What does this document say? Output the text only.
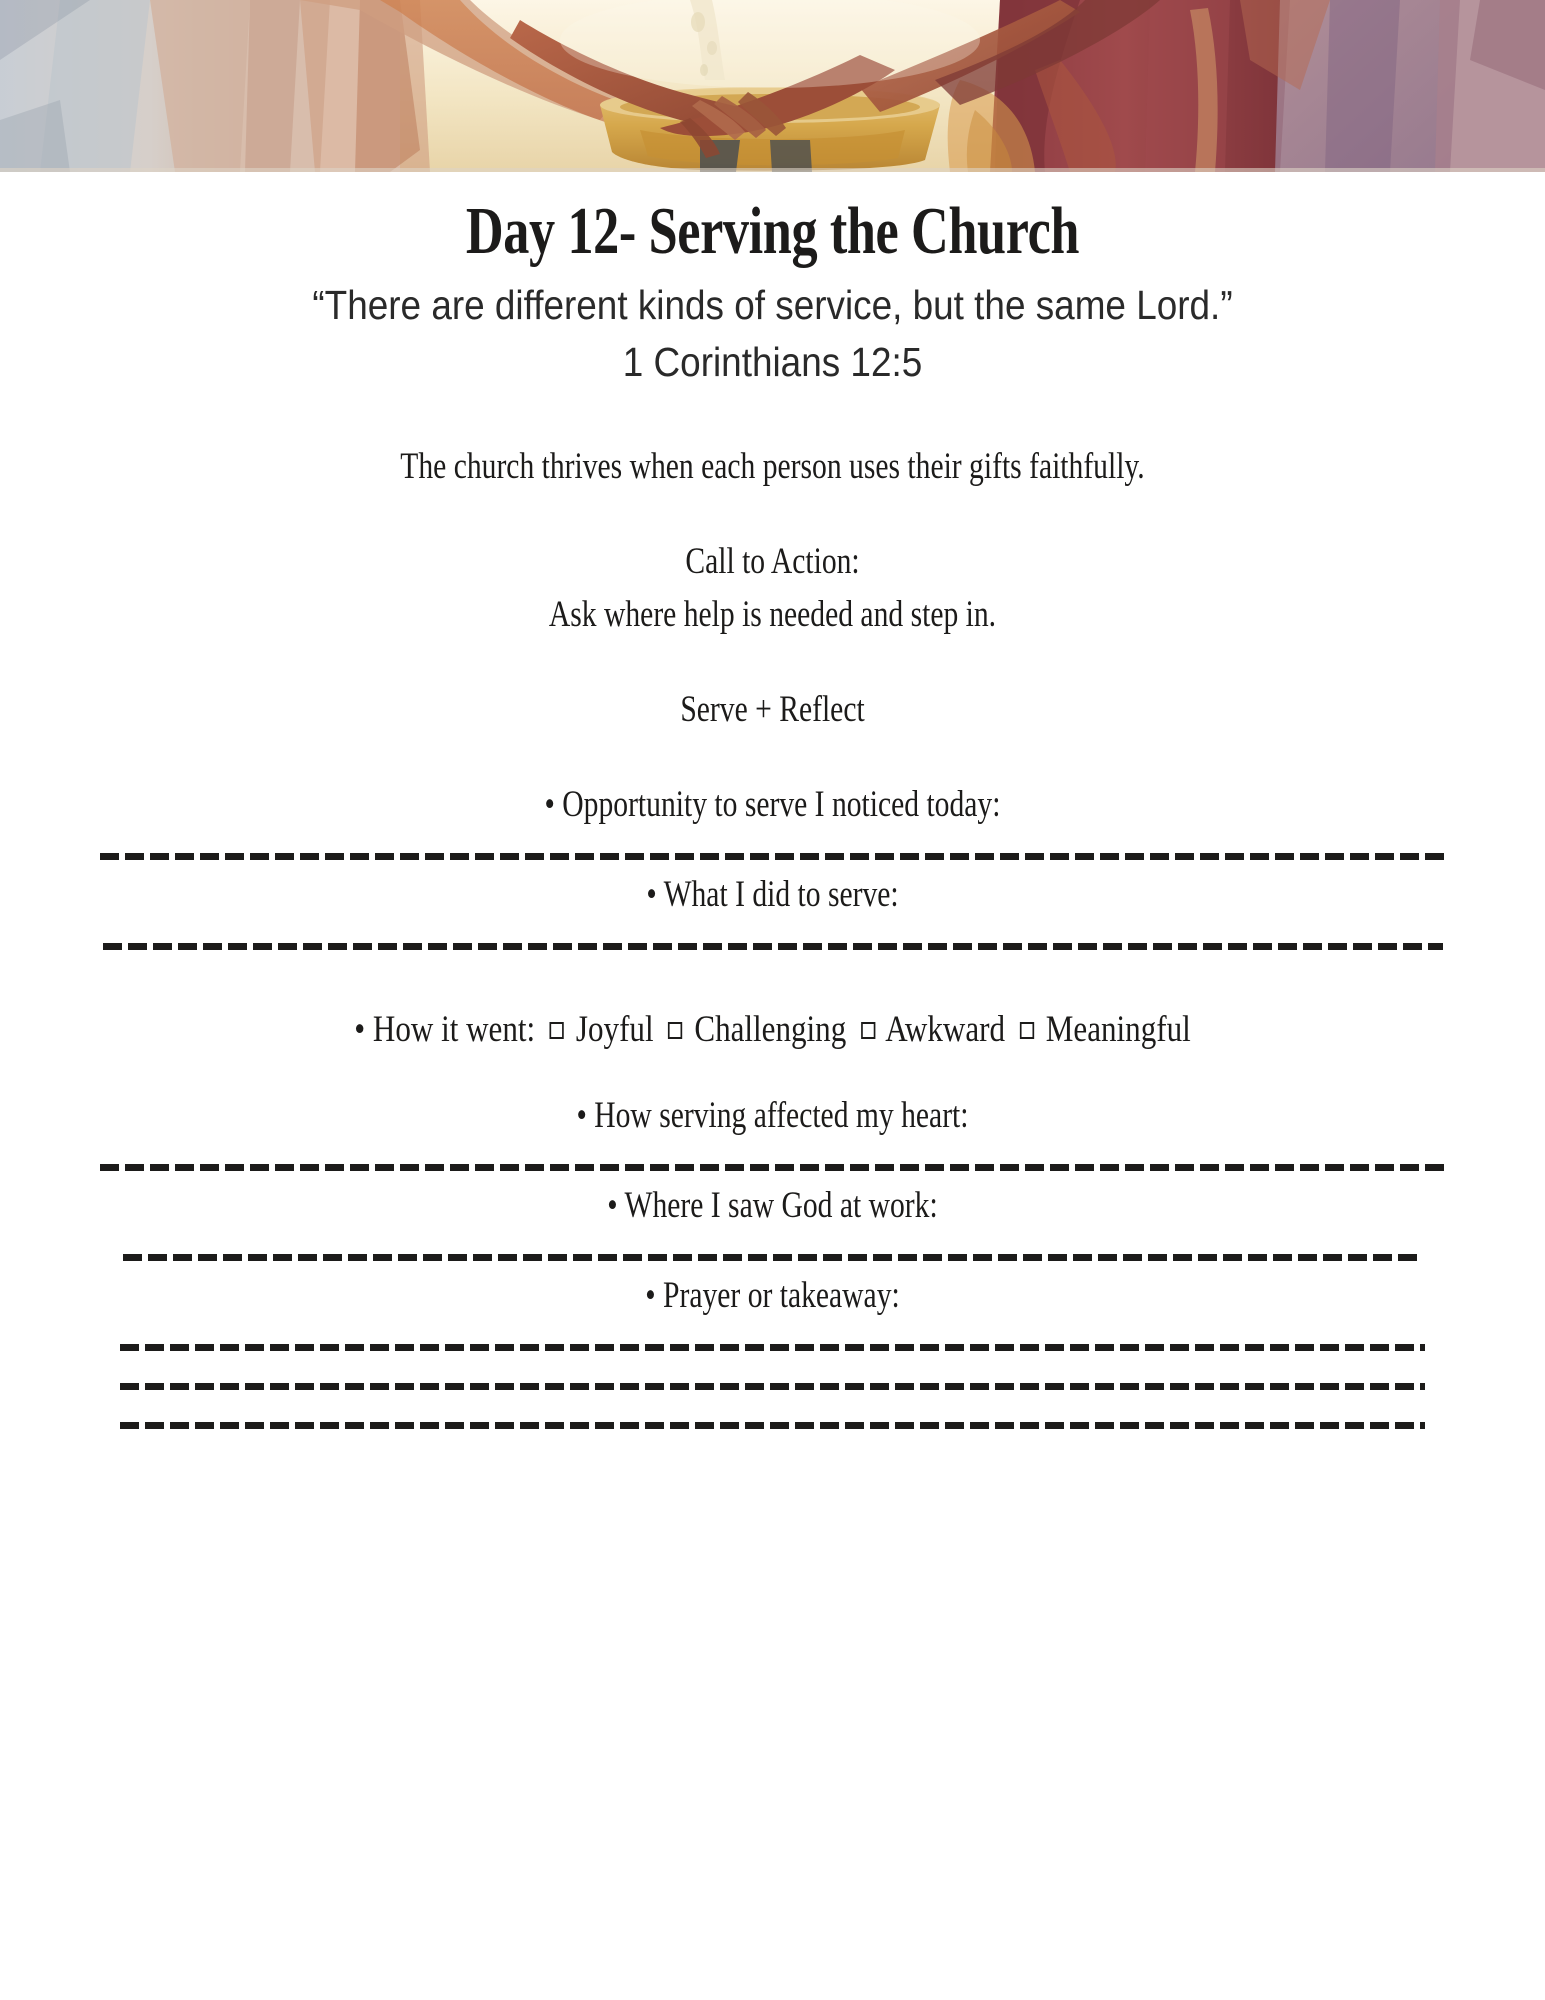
Day 12- Serving the Church
“There are different kinds of service, but the same Lord.”
1 Corinthians 12:5
The church thrives when each person uses their gifts faithfully.
Call to Action:
Ask where help is needed and step in.
Serve + Reflect
• Opportunity to serve I noticed today:
• What I did to serve:
• How it went: Joyful Challenging Awkward Meaningful
• How serving affected my heart:
• Where I saw God at work:
• Prayer or takeaway:
